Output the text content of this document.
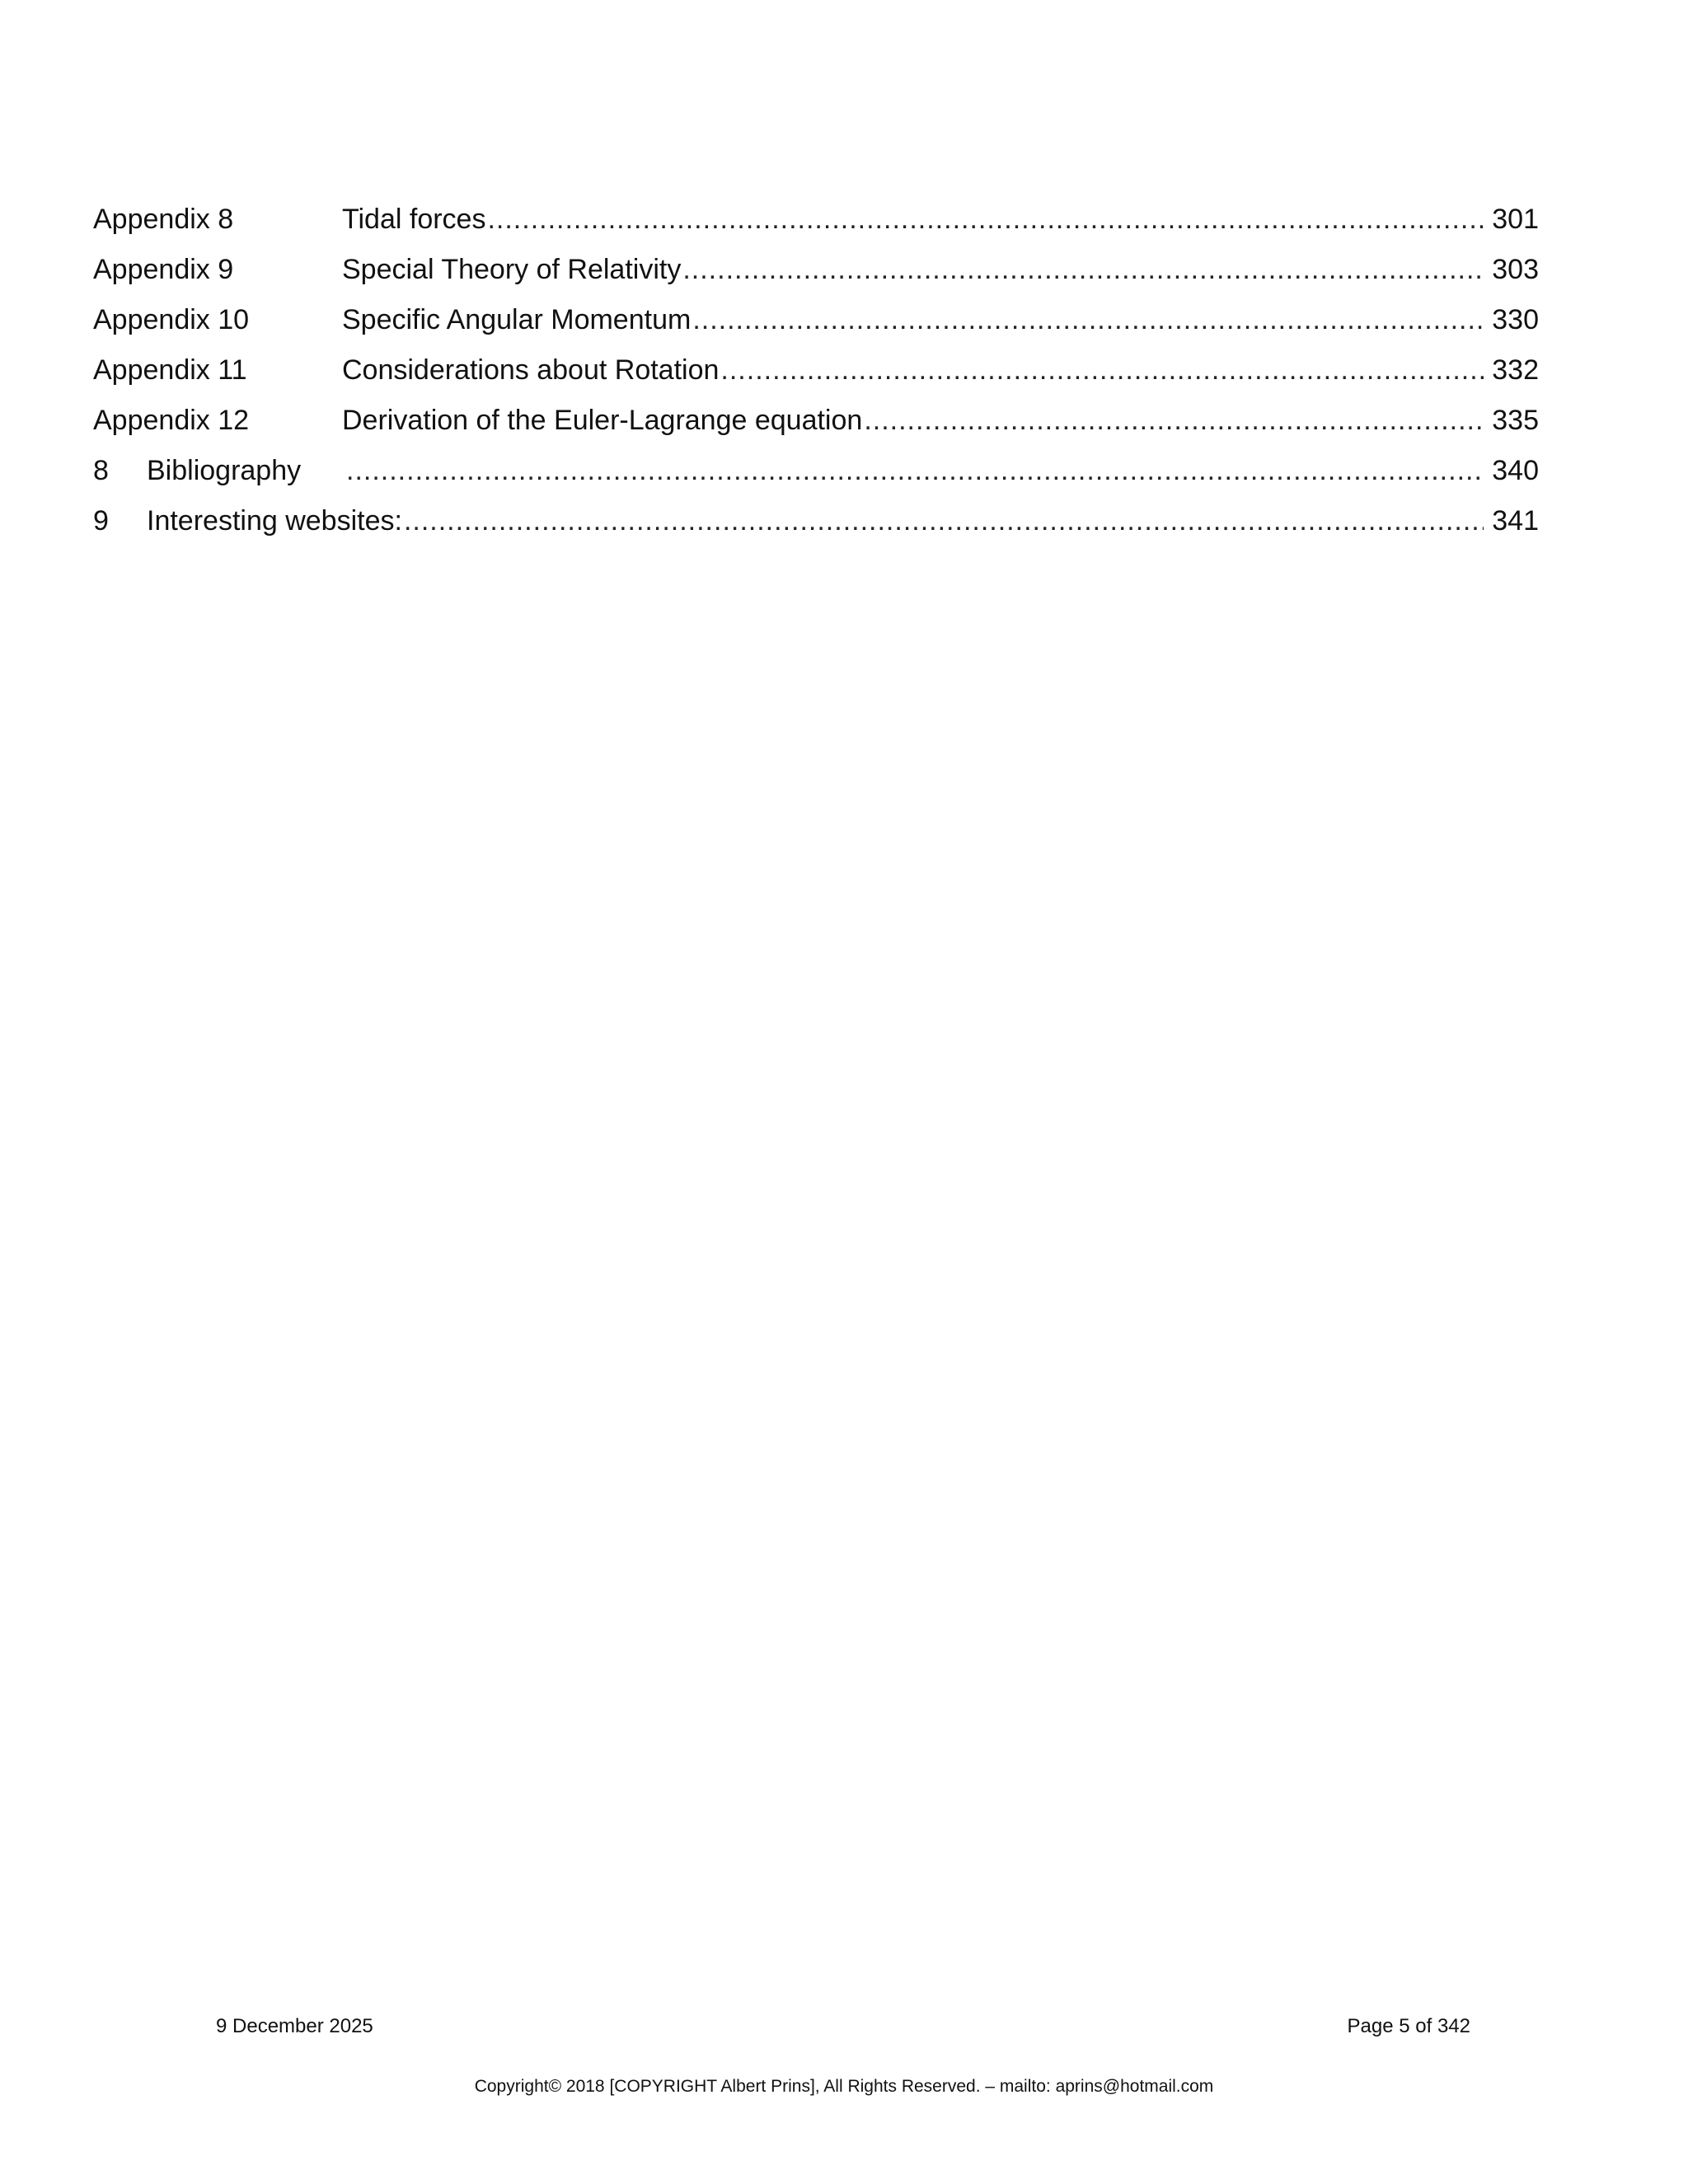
Appendix 8	Tidal forces .....	301
Appendix 9	Special Theory of Relativity .....	303
Appendix 10	Specific Angular Momentum .....	330
Appendix 11	Considerations about Rotation .....	332
Appendix 12	Derivation of the Euler-Lagrange equation .....	335
8 Bibliography .....	340
9 Interesting websites: .....	341
9 December 2025	Page 5 of 342
Copyright© 2018 [COPYRIGHT Albert Prins], All Rights Reserved. – mailto: aprins@hotmail.com
